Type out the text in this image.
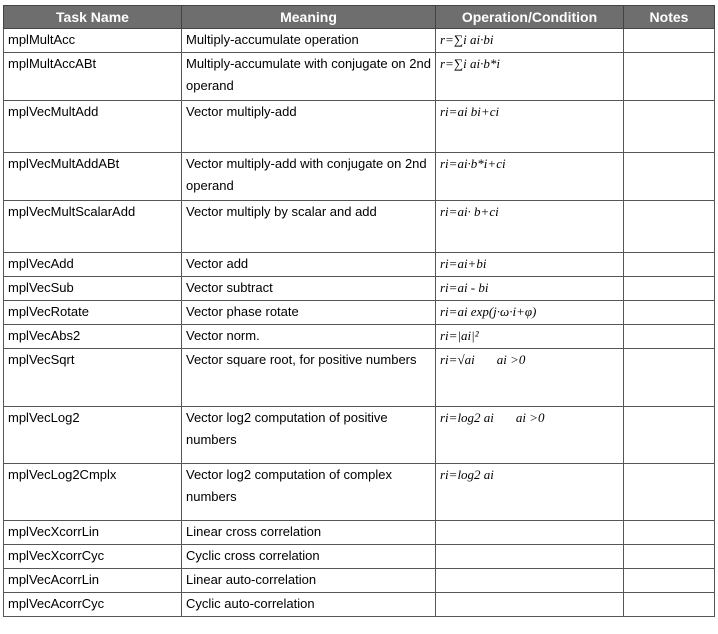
Task Name	Meaning	Operation/Condition	Notes
mplMultAcc	Multiply-accumulate operation	r=∑i ai·bi	
mplMultAccABt	Multiply-accumulate with conjugate on 2nd operand	r=∑i ai·b*i	
mplVecMultAdd	Vector multiply-add	ri=ai bi+ci	
mplVecMultAddABt	Vector multiply-add with conjugate on 2nd operand	ri=ai·b*i+ci	
mplVecMultScalarAdd	Vector multiply by scalar and add	ri=ai· b+ci	
mplVecAdd	Vector add	ri=ai+bi	
mplVecSub	Vector subtract	ri=ai - bi	
mplVecRotate	Vector phase rotate	ri=ai exp(j·ω·i+φ)	
mplVecAbs2	Vector norm.	ri=|ai|²	
mplVecSqrt	Vector square root, for positive numbers	ri=√ai ai >0	
mplVecLog2	Vector log2 computation of positive numbers	ri=log2 ai ai >0	
mplVecLog2Cmplx	Vector log2 computation of complex numbers	ri=log2 ai	
mplVecXcorrLin	Linear cross correlation		
mplVecXcorrCyc	Cyclic cross correlation		
mplVecAcorrLin	Linear auto-correlation		
mplVecAcorrCyc	Cyclic auto-correlation		
